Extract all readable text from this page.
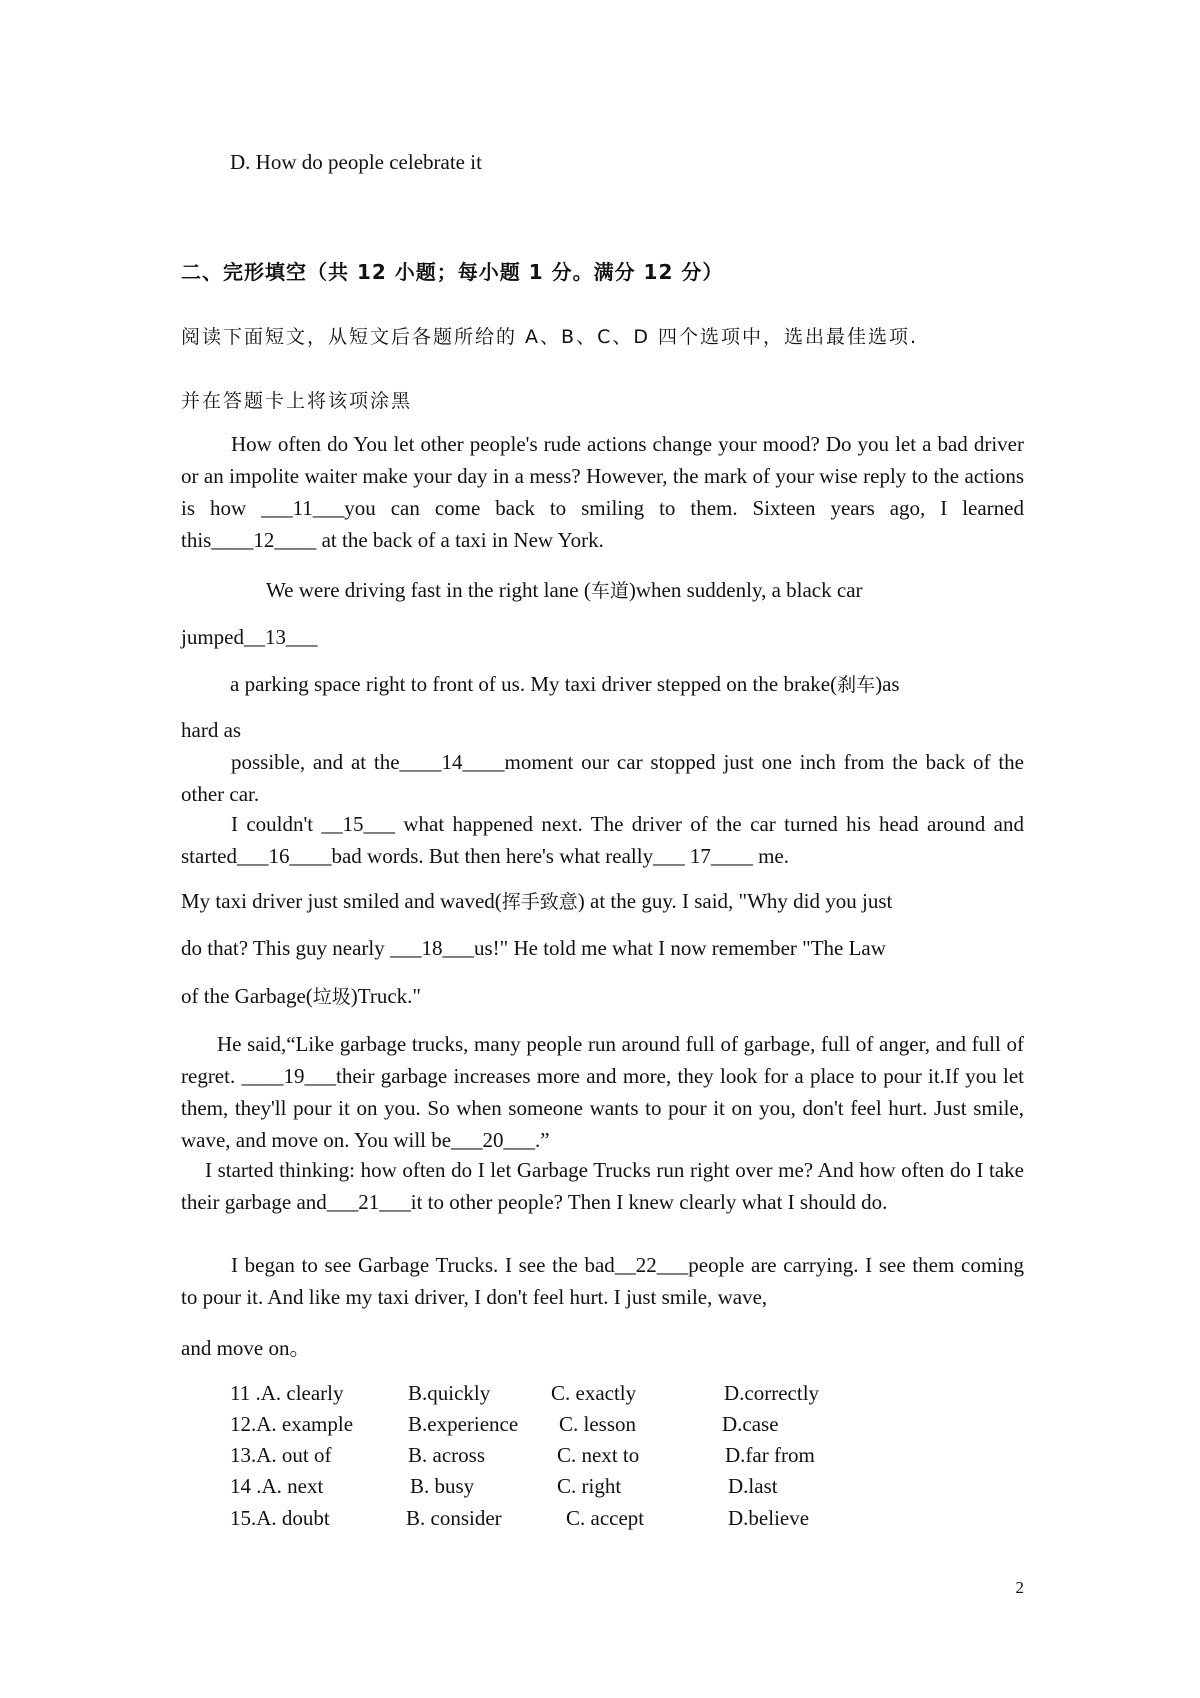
D. How do people celebrate it
二、完形填空（共 12 小题；每小题 1 分。满分 12 分）
阅读下面短文，从短文后各题所给的 A、B、C、D 四个选项中，选出最佳选项.
并在答题卡上将该项涂黑
How often do You let other people's rude actions change your mood? Do you let a bad driver or an impolite waiter make your day in a mess? However, the mark of your wise reply to the actions is how ___11___you can come back to smiling to them. Sixteen years ago, I learned this____12____ at the back of a taxi in New York.
We were driving fast in the right lane (车道)when suddenly, a black car
jumped__13___
a parking space right to front of us. My taxi driver stepped on the brake(刹车)as
hard as
possible, and at the____14____moment our car stopped just one inch from the back of the other car.
I couldn't __15___ what happened next. The driver of the car turned his head around and started___16____bad words. But then here's what really___ 17____ me.
My taxi driver just smiled and waved(挥手致意) at the guy. I said, "Why did you just
do that? This guy nearly ___18___us!" He told me what I now remember "The Law
of the Garbage(垃圾)Truck."
He said,“Like garbage trucks, many people run around full of garbage, full of anger, and full of regret. ____19___their garbage increases more and more, they look for a place to pour it.If you let them, they'll pour it on you. So when someone wants to pour it on you, don't feel hurt. Just smile, wave, and move on. You will be___20___.”
I started thinking: how often do I let Garbage Trucks run right over me? And how often do I take their garbage and___21___it to other people? Then I knew clearly what I should do.
I began to see Garbage Trucks. I see the bad__22___people are carrying. I see them coming to pour it. And like my taxi driver, I don't feel hurt. I just smile, wave,
and move on。
11 .A. clearly	B.quickly	C. exactly	D.correctly
12.A. example	B.experience C. lesson	D.case
13.A. out of	B. across	C. next to	D.far from
14 .A. next	B. busy	C. right	D.last
15.A. doubt	B. consider	C. accept	D.believe
2
